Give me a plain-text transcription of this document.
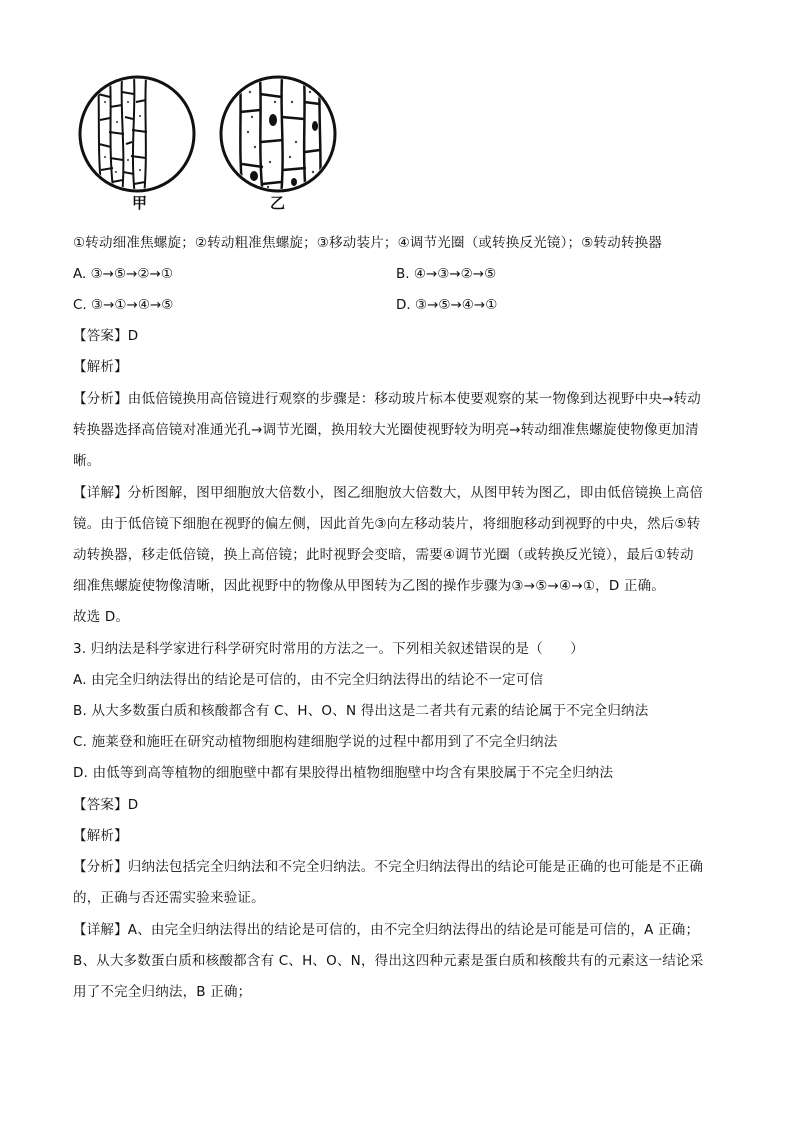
甲	乙
①转动细准焦螺旋；②转动粗准焦螺旋；③移动装片；④调节光圈（或转换反光镜）；⑤转动转换器
A. ③→⑤→②→①	B. ④→③→②→⑤
C. ③→①→④→⑤	D. ③→⑤→④→①
【答案】D
【解析】
【分析】由低倍镜换用高倍镜进行观察的步骤是：移动玻片标本使要观察的某一物像到达视野中央→转动
转换器选择高倍镜对准通光孔→调节光圈，换用较大光圈使视野较为明亮→转动细准焦螺旋使物像更加清
晰。
【详解】分析图解，图甲细胞放大倍数小，图乙细胞放大倍数大，从图甲转为图乙，即由低倍镜换上高倍
镜。由于低倍镜下细胞在视野的偏左侧，因此首先③向左移动装片，将细胞移动到视野的中央，然后⑤转
动转换器，移走低倍镜，换上高倍镜；此时视野会变暗，需要④调节光圈（或转换反光镜），最后①转动
细准焦螺旋使物像清晰，因此视野中的物像从甲图转为乙图的操作步骤为③→⑤→④→①，D 正确。
故选 D。
3. 归纳法是科学家进行科学研究时常用的方法之一。下列相关叙述错误的是（　　）
A. 由完全归纳法得出的结论是可信的，由不完全归纳法得出的结论不一定可信
B. 从大多数蛋白质和核酸都含有 C、H、O、N 得出这是二者共有元素的结论属于不完全归纳法
C. 施莱登和施旺在研究动植物细胞构建细胞学说的过程中都用到了不完全归纳法
D. 由低等到高等植物的细胞壁中都有果胶得出植物细胞壁中均含有果胶属于不完全归纳法
【答案】D
【解析】
【分析】归纳法包括完全归纳法和不完全归纳法。不完全归纳法得出的结论可能是正确的也可能是不正确
的，正确与否还需实验来验证。
【详解】A、由完全归纳法得出的结论是可信的，由不完全归纳法得出的结论是可能是可信的，A 正确；
B、从大多数蛋白质和核酸都含有 C、H、O、N，得出这四种元素是蛋白质和核酸共有的元素这一结论采
用了不完全归纳法，B 正确；
